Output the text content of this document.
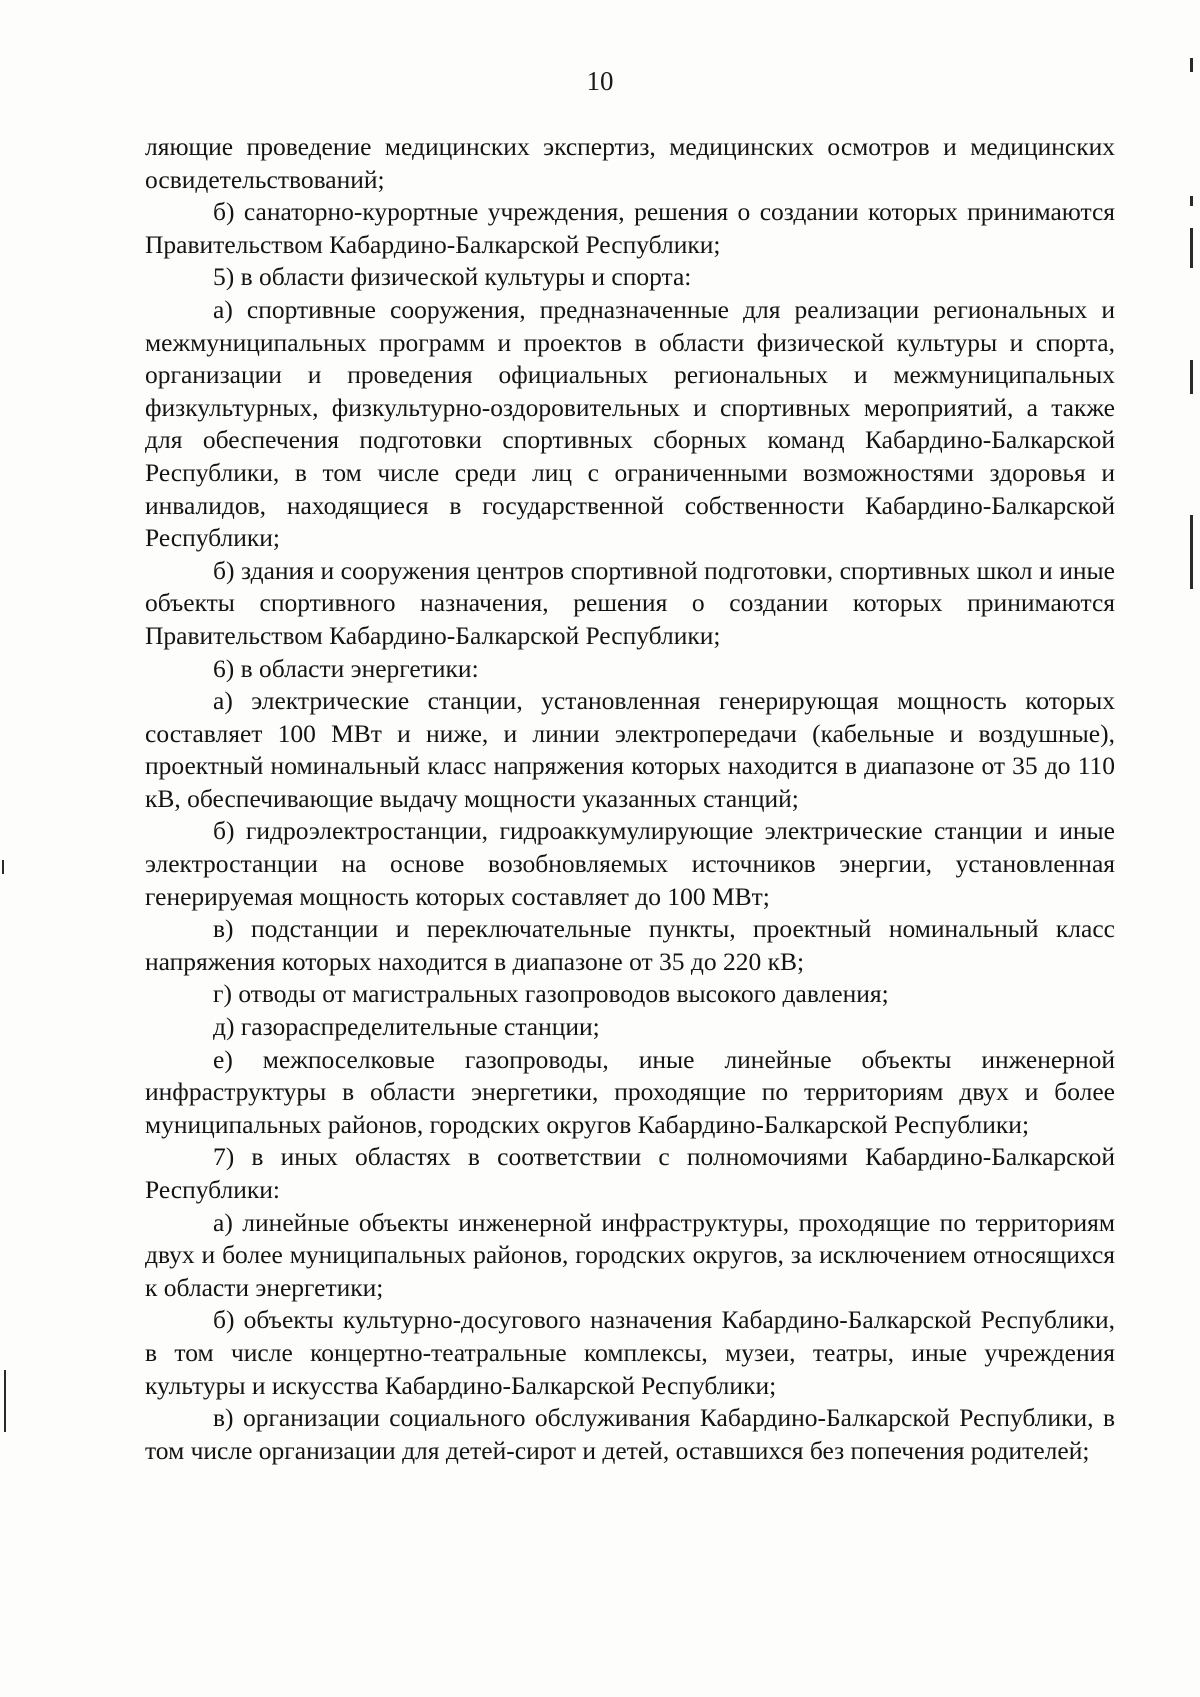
10

ляющие проведение медицинских экспертиз, медицинских осмотров и медицинских освидетельствований;

б) санаторно-курортные учреждения, решения о создании которых принимаются Правительством Кабардино-Балкарской Республики;

5) в области физической культуры и спорта:

а) спортивные сооружения, предназначенные для реализации региональных и межмуниципальных программ и проектов в области физической культуры и спорта, организации и проведения официальных региональных и межмуниципальных физкультурных, физкультурно-оздоровительных и спортивных мероприятий, а также для обеспечения подготовки спортивных сборных команд Кабардино-Балкарской Республики, в том числе среди лиц с ограниченными возможностями здоровья и инвалидов, находящиеся в государственной собственности Кабардино-Балкарской Республики;

б) здания и сооружения центров спортивной подготовки, спортивных школ и иные объекты спортивного назначения, решения о создании которых принимаются Правительством Кабардино-Балкарской Республики;

6) в области энергетики:

а) электрические станции, установленная генерирующая мощность которых составляет 100 МВт и ниже, и линии электропередачи (кабельные и воздушные), проектный номинальный класс напряжения которых находится в диапазоне от 35 до 110 кВ, обеспечивающие выдачу мощности указанных станций;

б) гидроэлектростанции, гидроаккумулирующие электрические станции и иные электростанции на основе возобновляемых источников энергии, установленная генерируемая мощность которых составляет до 100 МВт;

в) подстанции и переключательные пункты, проектный номинальный класс напряжения которых находится в диапазоне от 35 до 220 кВ;

г) отводы от магистральных газопроводов высокого давления;

д) газораспределительные станции;

е) межпоселковые газопроводы, иные линейные объекты инженерной инфраструктуры в области энергетики, проходящие по территориям двух и более муниципальных районов, городских округов Кабардино-Балкарской Республики;

7) в иных областях в соответствии с полномочиями Кабардино-Балкарской Республики:

а) линейные объекты инженерной инфраструктуры, проходящие по территориям двух и более муниципальных районов, городских округов, за исключением относящихся к области энергетики;

б) объекты культурно-досугового назначения Кабардино-Балкарской Республики, в том числе концертно-театральные комплексы, музеи, театры, иные учреждения культуры и искусства Кабардино-Балкарской Республики;

в) организации социального обслуживания Кабардино-Балкарской Республики, в том числе организации для детей-сирот и детей, оставшихся без попечения родителей;
